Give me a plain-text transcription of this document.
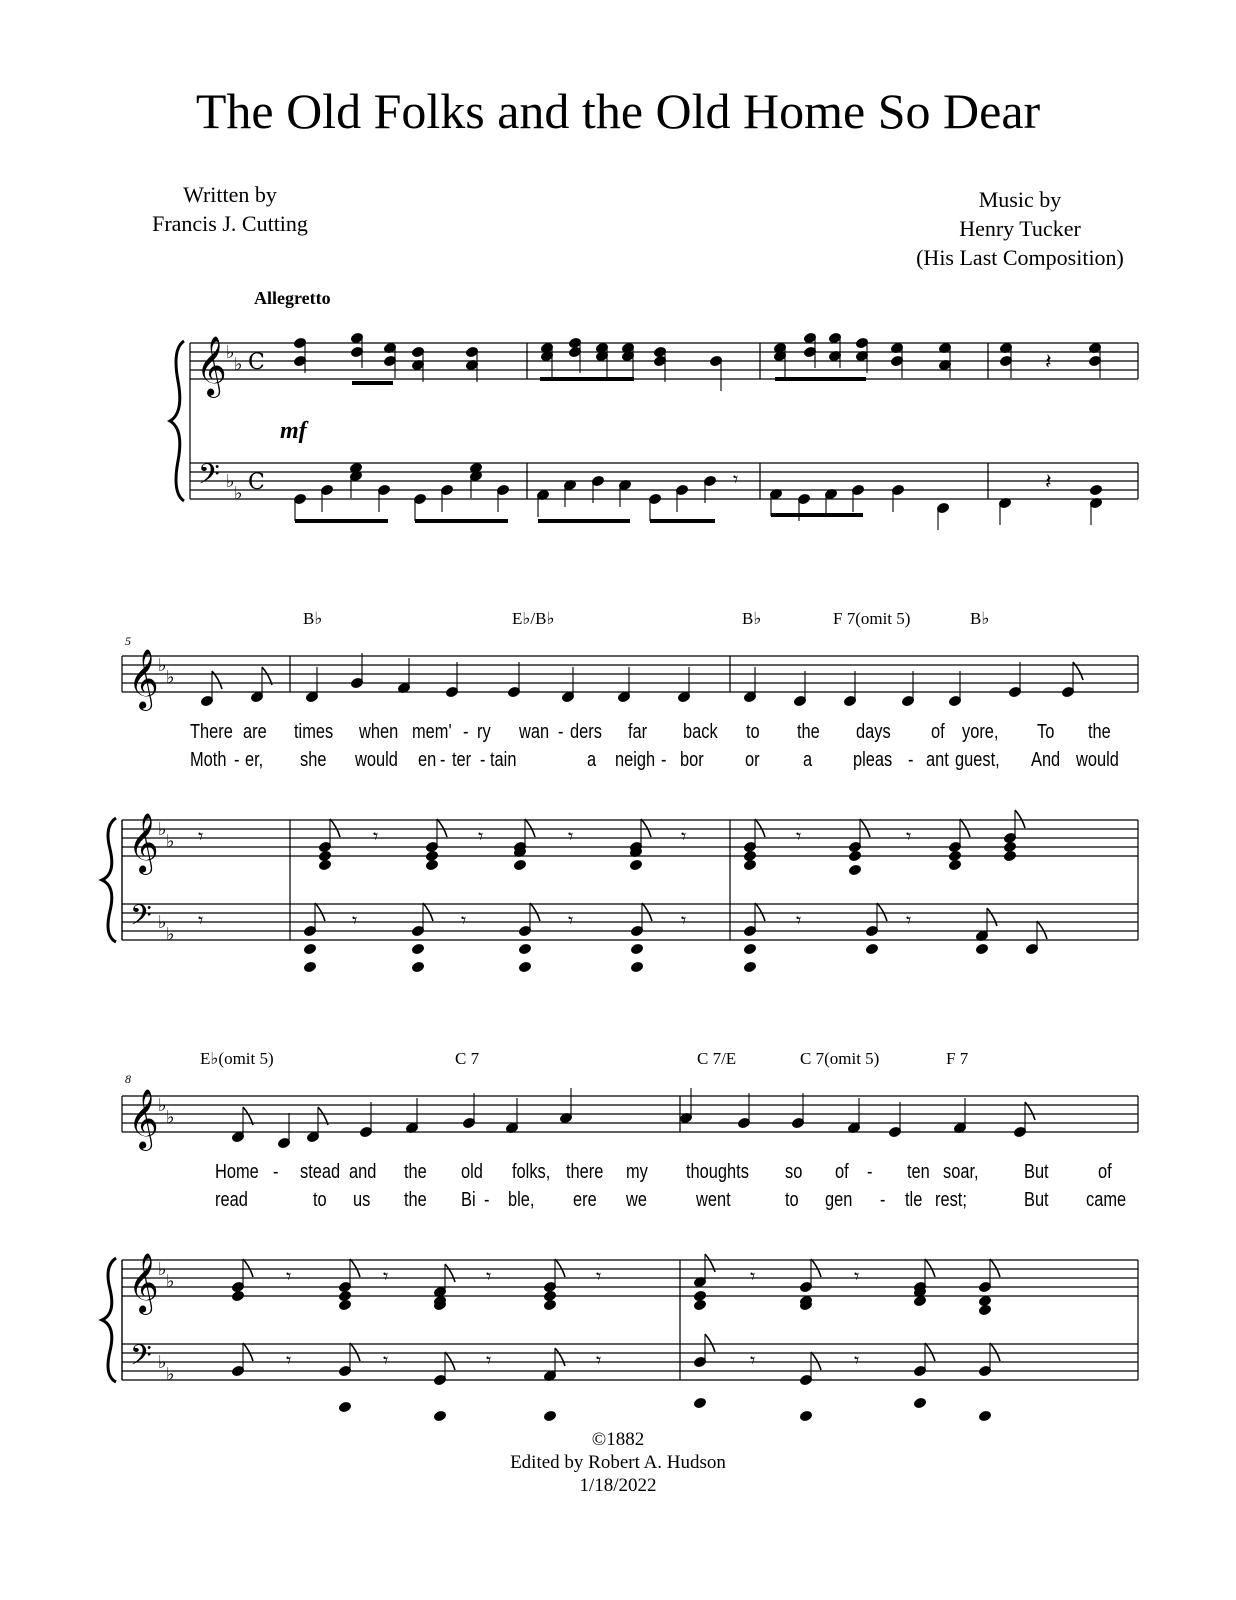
The Old Folks and the Old Home So Dear
Written by
Francis J. Cutting
Music by
Henry Tucker
(His Last Composition)
Allegretto
𝄞 ♭
♭ C
𝄢 ♭
♭ C
𝄽
𝄾	𝄽
𝄞 ♭
♭
𝄞 ♭
♭
𝄢 ♭
♭
𝄾	𝄾	𝄾	𝄾	𝄾	𝄾	𝄾
𝄾	𝄾	𝄾	𝄾	𝄾	𝄾	𝄾
𝄞 ♭
♭
𝄞 ♭
♭
𝄢 ♭
♭
𝄾	𝄾	𝄾	𝄾	𝄾	𝄾
𝄾	𝄾	𝄾	𝄾	𝄾	𝄾
mf
5
8
B♭	E♭/B♭	B♭	F 7(omit 5)	B♭
There are times when mem' - ry wan - ders far back to the days of yore, To the
Moth - er, she would en - ter - tain	a neigh - bor or a pleas - ant guest, And would
E♭(omit 5)	C 7	C 7/E	C 7(omit 5)	F 7
Home - stead and the old folks, there my thoughts so of - ten soar, But of
read	to us the Bi - ble, ere we went	to gen - tle rest;	But came
©1882
Edited by Robert A. Hudson
1/18/2022
